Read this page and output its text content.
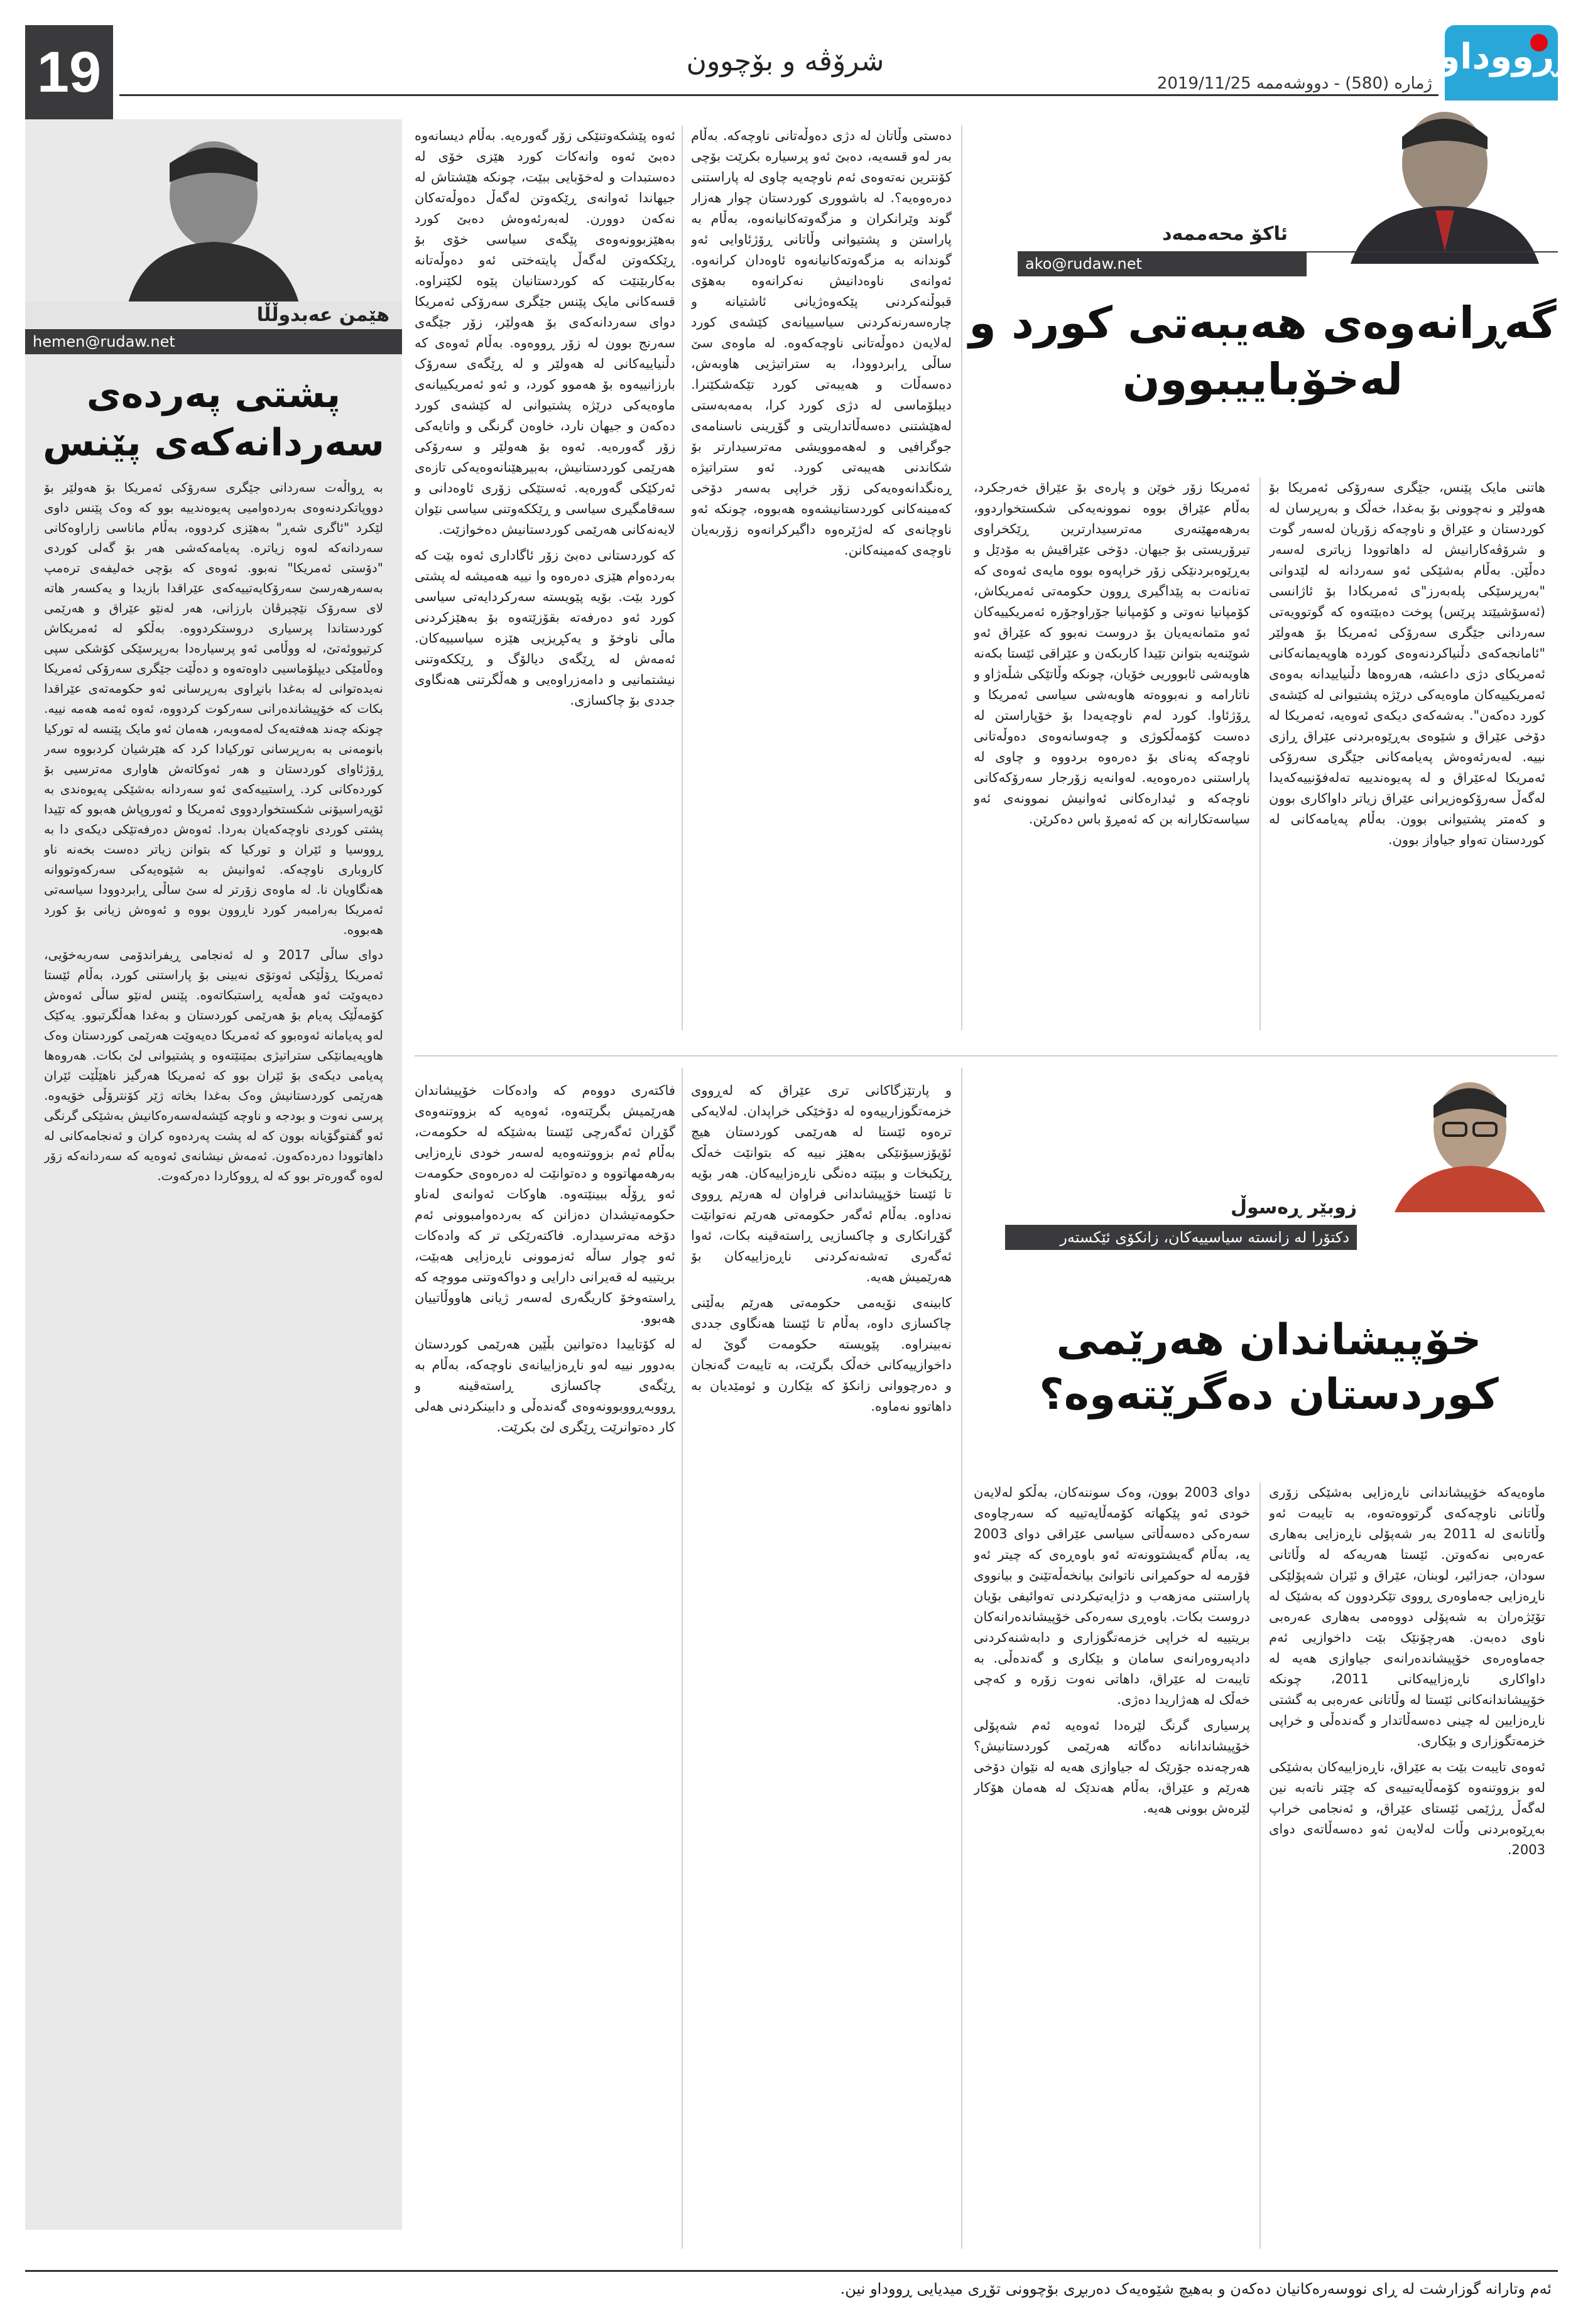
19	شرۆڤە و بۆچوون
ژمارە (580) - دووشەممە 2019/11/25
ڕووداو
هێمن عەبدوڵڵا
hemen@rudaw.net
پشتی پەردەی
سەردانەکەی پێنس

بە ڕواڵەت سەردانی جێگری سەرۆکی ئەمریکا بۆ هەولێر بۆ دووپاتکردنەوەی بەردەوامیی پەیوەندییە بوو کە وەک پێنس داوی لێکرد "ئاگری شەڕ" بەهێزی کردووە، بەڵام ماناسی زاراوەکانی سەردانەکە لەوە زیاترە. پەیامەکەشی هەر بۆ گەلی کوردی "دۆستی ئەمریکا" نەبوو. ئەوەی کە بۆچی خەلیفەی ترەمپ بەسەرهەرسێ سەرۆکایەتییەکەی عێراقدا بازیدا و یەکسەر هاتە لای سەرۆک نێچیرڤان بارزانی، هەر لەنێو عێراق و هەرێمی کوردستاندا پرسیاری دروستکردووە. بەڵکو لە ئەمریکاش کرتیووئەتێ، لە ووڵامی ئەو پرسیارەدا بەرپرسێکی کۆشکی سپی وەڵامێکی دیپلۆماسیی داوەتەوە و دەڵێت جێگری سەرۆکی ئەمریکا نەیدەتوانی لە بەغدا بانڕاوی بەرپرسانی ئەو حکومەتەی عێراقدا بکات کە خۆپیشاندەرانی سەرکوت کردووە، ئەوە ئەمە هەمە نییە. چونکە چەند هەفتەیەک لەمەوبەر، هەمان ئەو مایک پێنسە لە تورکیا بانومەنی بە بەرپرسانی تورکیادا کرد کە هێرشیان کردبووە سەر ڕۆژئاوای کوردستان و هەر ئەوکاتەش هاواری مەترسیی بۆ کوردەکانی کرد. ڕاستییەکەی ئەو سەردانە بەشێکی پەیوەندی بە ئۆپەراسیۆنی شکستخواردووی ئەمریکا و ئەوروپاش هەبوو کە تێیدا پشتی کوردی ناوچەکەیان بەردا. ئەوەش دەرفەتێکی دیکەی دا بە ڕووسیا و ئێران و تورکیا کە بتوانن زیاتر دەست بخەنە ناو کاروباری ناوچەکە. ئەوانیش بە شێوەیەکی سەرکەوتووانە هەنگاویان نا. لە ماوەی زۆرتر لە سێ ساڵی ڕابردوودا سیاسەتی ئەمریکا بەرامبەر کورد ناڕوون بووە و ئەوەش زیانی بۆ کورد هەبووە.

دوای ساڵی 2017 و لە ئەنجامی ڕیفراندۆمی سەربەخۆیی، ئەمریکا ڕۆڵێکی ئەوتۆی نەبینی بۆ پاراستنی کورد، بەڵام ئێستا دەیەوێت ئەو هەڵەیە ڕاستبکاتەوە. پێنس لەنێو ساڵی ئەوەش کۆمەڵێک پەیام بۆ هەرێمی کوردستان و بەغدا هەڵگرتبوو. یەکێک لەو پەیامانە ئەوەبوو کە ئەمریکا دەیەوێت هەرێمی کوردستان وەک هاوپەیمانێکی ستراتیژی بمێنێتەوە و پشتیوانی لێ بکات. هەروەها پەیامی دیکەی بۆ ئێران بوو کە ئەمریکا هەرگیز ناهێڵێت ئێران هەرێمی کوردستانیش وەک بەغدا بخاتە ژێر کۆنترۆڵی خۆیەوە. پرسی نەوت و بودجە و ناوچە کێشەلەسەرەکانیش بەشێکی گرنگی ئەو گفتوگۆیانە بوون کە لە پشت پەردەوە کران و ئەنجامەکانی لە داهاتوودا دەردەکەون. ئەمەش نیشانەی ئەوەیە کە سەردانەکە زۆر لەوە گەورەتر بوو کە لە ڕووکاردا دەرکەوت.

ئاکۆ محەممەد
ako@rudaw.net
گەڕانەوەی هەیبەتی کورد و
لەخۆباییبوون

هاتنی مایک پێنس، جێگری سەرۆکی ئەمریکا بۆ هەولێر و نەچوونی بۆ بەغدا، خەڵک و بەرپرسان لە کوردستان و عێراق و ناوچەکە زۆریان لەسەر گوت و شرۆڤەکارانیش لە داهاتوودا زیاتری لەسەر دەڵێن. بەڵام بەشێکی ئەو سەردانە لە لێدوانی "بەرپرسێکی پلەبەرز"ی ئەمریکادا بۆ ئاژانسی (ئەسۆشیێتد پرێس) پوخت دەبێتەوە کە گوتوویەتی سەردانی جێگری سەرۆکی ئەمریکا بۆ هەولێر "ئامانجەکەی دڵنیاکردنەوەی کوردە هاوپەیمانەکانی ئەمریکای دژی داعشە، هەروەها دڵنیاییدانە بەوەی ئەمریکییەکان ماوەیەکی درێژە پشتیوانی لە کێشەی کورد دەکەن". بەشەکەی دیکەی ئەوەیە، ئەمریکا لە دۆخی عێراق و شێوەی بەڕێوەبردنی عێراق ڕازی نییە. لەبەرئەوەش پەیامەکانی جێگری سەرۆکی ئەمریکا لەعێراق و لە پەیوەندییە تەلەفۆنییەکەیدا لەگەڵ سەرۆکوەزیرانی عێراق زیاتر داواکاری بوون و کەمتر پشتیوانی بوون. بەڵام پەیامەکانی لە کوردستان تەواو جیاواز بوون.

ئەمریکا زۆر خوێن و پارەی بۆ عێراق خەرجکرد، بەڵام عێراق بووە نموونەیەکی شکستخواردوو، بەرهەمهێنەری مەترسیدارترین ڕێکخراوی تیرۆریستی بۆ جیهان. دۆخی عێراقیش بە مۆدێل و بەڕێوەبردنێکی زۆر خراپەوە بووە مایەی ئەوەی کە تەنانەت بە پێداگیری ڕوون حکومەتی ئەمریکاش، کۆمپانیا نەوتی و کۆمپانیا جۆراوجۆرە ئەمریکییەکان ئەو متمانەیەیان بۆ دروست نەبوو کە عێراق ئەو شوێنەیە بتوانن تێیدا کاربکەن و عێراقی ئێستا بکەنە هاوبەشی ئابووریی خۆیان، چونکە وڵاتێکی شڵەژاو و ناتارامە و نەبووەتە هاوبەشی سیاسی ئەمریکا و ڕۆژئاوا. کورد لەم ناوچەیەدا بۆ خۆپاراستن لە دەست کۆمەڵکوژی و چەوسانەوەی دەوڵەتانی ناوچەکە پەنای بۆ دەرەوە بردووە و چاوی لە پاراستنی دەرەوەیە. لەوانەیە زۆرجار سەرۆکەکانی ناوچەکە و ئیدارەکانی ئەوانیش نموونەی ئەو سیاسەتکارانە بن کە ئەمڕۆ باس دەکرێن.

دەستی وڵاتان لە دژی دەوڵەتانی ناوچەکە. بەڵام بەر لەو قسەیە، دەبێ ئەو پرسیارە بکرێت بۆچی کۆنترین نەتەوەی ئەم ناوچەیە چاوی لە پاراستنی دەرەوەیە؟. لە باشووری کوردستان چوار هەزار گوند وێرانکران و مزگەوتەکانیانەوە، بەڵام بە پاراستن و پشتیوانی وڵاتانی ڕۆژئاوایی ئەو گوندانە بە مزگەوتەکانیانەوە ئاوەدان کرانەوە. ئەوانەی ناوەدانیش نەکرانەوە بەهۆی قبوڵنەکردنی پێکەوەژیانی ئاشتیانە و چارەسەرنەکردنی سیاسییانەی کێشەی کورد لەلایەن دەوڵەتانی ناوچەکەوە. لە ماوەی سێ ساڵی ڕابردوودا، بە ستراتیژیی هاوبەش، دەسەڵات و هەیبەتی کورد تێکەشکێنرا. دیبلۆماسی لە دژی کورد کرا، بەمەبەستی لەهێشتنی دەسەڵاتداریتی و گۆڕینی ناسنامەی جوگرافیی و لەهەموویشی مەترسیدارتر بۆ شکاندنی هەیبەتی کورد. ئەو ستراتیژە ڕەنگدانەوەیەکی زۆر خراپی بەسەر دۆخی کەمینەکانی کوردستانیشەوە هەبووە، چونکە ئەو ناوچانەی کە لەژێرەوە داگیرکرانەوە زۆربەیان ناوچەی کەمینەکانن.

ئەوە پێشکەوتنێکی زۆر گەورەیە. بەڵام دیسانەوە دەبێ ئەوە وانەکات کورد هێزی خۆی لە دەستبدات و لەخۆبایی ببێت، چونکە هێشتاش لە جیهاندا ئەوانەی ڕێکەوتن لەگەڵ دەوڵەتەکان نەکەن دوورن. لەبەرئەوەش دەبێ کورد بەهێزبوونەوەی پێگەی سیاسی خۆی بۆ ڕێککەوتن لەگەڵ پایتەختی ئەو دەوڵەتانە بەکاربێنێت کە کوردستانیان پێوە لکێنراوە. قسەکانی مایک پێنس جێگری سەرۆکی ئەمریکا دوای سەردانەکەی بۆ هەولێر، زۆر جێگەی سەرنج بوون لە زۆر ڕووەوە. بەڵام ئەوەی کە دڵنیاییەکانی لە هەولێر و لە ڕێگەی سەرۆک بارزانییەوە بۆ هەموو کورد، و ئەو ئەمریکییانەی ماوەیەکی درێژە پشتیوانی لە کێشەی کورد دەکەن و جیهان نارد، خاوەن گرنگی و واتایەکی زۆر گەورەیە. ئەوە بۆ هەولێر و سەرۆکی هەرێمی کوردستانیش، بەبیرهێنانەوەیەکی تازەی ئەرکێکی گەورەیە. ئەستێکی زۆری ئاوەدانی و سەقامگیری سیاسی و ڕێککەوتنی سیاسی نێوان لایەنەکانی هەرێمی کوردستانیش دەخوازێت.

کە کوردستانی دەبێ زۆر ئاگاداری ئەوە بێت کە بەردەوام هێزی دەرەوە وا نییە هەمیشە لە پشتی کورد بێت. بۆیە پێویستە سەرکردایەتی سیاسی کورد ئەو دەرفەتە بقۆزێتەوە بۆ بەهێزکردنی ماڵی ناوخۆ و یەکڕیزیی هێزە سیاسییەکان. ئەمەش لە ڕێگەی دیالۆگ و ڕێککەوتنی نیشتمانیی و دامەزراوەیی و هەڵگرتنی هەنگاوی جددی بۆ چاکسازی.

زوبێر ڕەسوڵ
دکتۆرا لە زانستە سیاسییەکان، زانکۆی ئێکستەر
خۆپیشاندان هەرێمی
کوردستان دەگرێتەوە؟

ماوەیەکە خۆپیشاندانی ناڕەزایی بەشێکی زۆری وڵاتانی ناوچەکەی گرتووەتەوە، بە تایبەت ئەو وڵاتانەی لە 2011 بەر شەپۆلی ناڕەزایی بەهاری عەرەبی نەکەوتن. ئێستا هەریەکە لە وڵاتانی سودان، جەزائیر، لوبنان، عێراق و ئێران شەپۆلێکی ناڕەزایی جەماوەری ڕووی تێکردوون کە بەشێک لە تۆێژەران بە شەپۆلی دووەمی بەهاری عەرەبی ناوی دەبەن. هەرچۆنێک بێت داخوازیی ئەم جەماوەرەی خۆپیشاندەرانەی جیاوازی هەیە لە داواکاری ناڕەزاییەکانی 2011، چونکە خۆپیشاندانەکانی ئێستا لە وڵاتانی عەرەبی بە گشتی ناڕەزایین لە چینی دەسەڵاتدار و گەندەڵی و خراپی خزمەتگوزاری و بێکاری.

ئەوەی تایبەت بێت بە عێراق، ناڕەزاییەکان بەشێکی لەو بزووتنەوە کۆمەڵایەتییەی کە چێتر ناتەبە نین لەگەڵ ڕژێمی ئێستای عێراق، و ئەنجامی خراپ بەڕێوەبردنی وڵات لەلایەن ئەو دەسەڵاتەی دوای 2003.

دوای 2003 بوون، وەک سوننەکان، بەڵکو لەلایەن خودی ئەو پێکهاتە کۆمەڵایەتییە کە سەرچاوەی سەرەکی دەسەڵاتی سیاسی عێراقی دوای 2003 یە، بەڵام گەیشتوونەتە ئەو باوەڕەی کە چیتر ئەو فۆرمە لە حوکمڕانی ناتوانێ بیانخەڵەتێنێ و بیانووی پاراستنی مەزهەب و دژایەتیکردنی تەوائیفی بۆیان دروست بکات. باوەڕی سەرەکی خۆپیشاندەرانەکان بریتییە لە خراپی خزمەتگوزاری و دابەشنەکردنی دادپەروەرانەی سامان و بێکاری و گەندەڵی. بە تایبەت لە عێراق، داهاتی نەوت زۆرە و کەچی خەڵک لە هەژاریدا دەژی.

پرسیاری گرنگ لێرەدا ئەوەیە ئەم شەپۆلی خۆپیشاندانانە دەگاتە هەرێمی کوردستانیش؟ هەرچەندە جۆرێک لە جیاوازی هەیە لە نێوان دۆخی هەرێم و عێراق، بەڵام هەندێک لە هەمان هۆکار لێرەش بوونی هەیە.

و پارتێزگاکانی تری عێراق کە لەڕووی خزمەتگوزارییەوە لە دۆخێکی خراپدان. لەلایەکی ترەوە ئێستا لە هەرێمی کوردستان هیچ ئۆپۆزسیۆنێکی بەهێز نییە کە بتوانێت خەڵک ڕێکبخات و ببێتە دەنگی ناڕەزاییەکان. هەر بۆیە تا ئێستا خۆپیشاندانی فراوان لە هەرێم ڕووی نەداوە. بەڵام ئەگەر حکومەتی هەرێم نەتوانێت گۆڕانکاری و چاکسازیی ڕاستەقینە بکات، ئەوا ئەگەری تەشەنەکردنی ناڕەزاییەکان بۆ هەرێمیش هەیە.

کابینەی نۆیەمی حکومەتی هەرێم بەڵێنی چاکسازی داوە، بەڵام تا ئێستا هەنگاوی جددی نەبینراوە. پێویستە حکومەت گوێ لە داخوازییەکانی خەڵک بگرێت، بە تایبەت گەنجان و دەرچووانی زانکۆ کە بێکارن و ئومێدیان بە داهاتوو نەماوە.

فاکتەری دووەم کە وادەکات خۆپیشاندان هەرێمیش بگرێتەوە، ئەوەیە کە بزووتنەوەی گۆڕان ئەگەرچی ئێستا بەشێکە لە حکومەت، بەڵام ئەم بزووتنەوەیە لەسەر خودی ناڕەزایی بەرهەمهاتووە و دەتوانێت لە دەرەوەی حکومەت ئەو ڕۆڵە ببینێتەوە. هاوکات ئەوانەی لەناو حکومەتیشدان دەزانن کە بەردەوامبوونی ئەم دۆخە مەترسیدارە. فاکتەرێکی تر کە وادەکات ئەو چوار ساڵە ئەزموونی ناڕەزایی هەبێت، بریتییە لە قەیرانی دارایی و دواکەوتنی مووچە کە ڕاستەوخۆ کاریگەری لەسەر ژیانی هاووڵاتییان هەبوو.

لە کۆتاییدا دەتوانین بڵێین هەرێمی کوردستان بەدوور نییە لەو ناڕەزاییانەی ناوچەکە، بەڵام بە ڕێگەی چاکسازی ڕاستەقینە و ڕووبەڕووبوونەوەی گەندەڵی و دابینکردنی هەلی کار دەتوانرێت ڕێگری لێ بکرێت.

ئەم وتارانە گوزارشت لە ڕای نووسەرەکانیان دەکەن و بەهیچ شێوەیەک دەربڕی بۆچوونی تۆڕی میدیایی ڕووداو نین.
